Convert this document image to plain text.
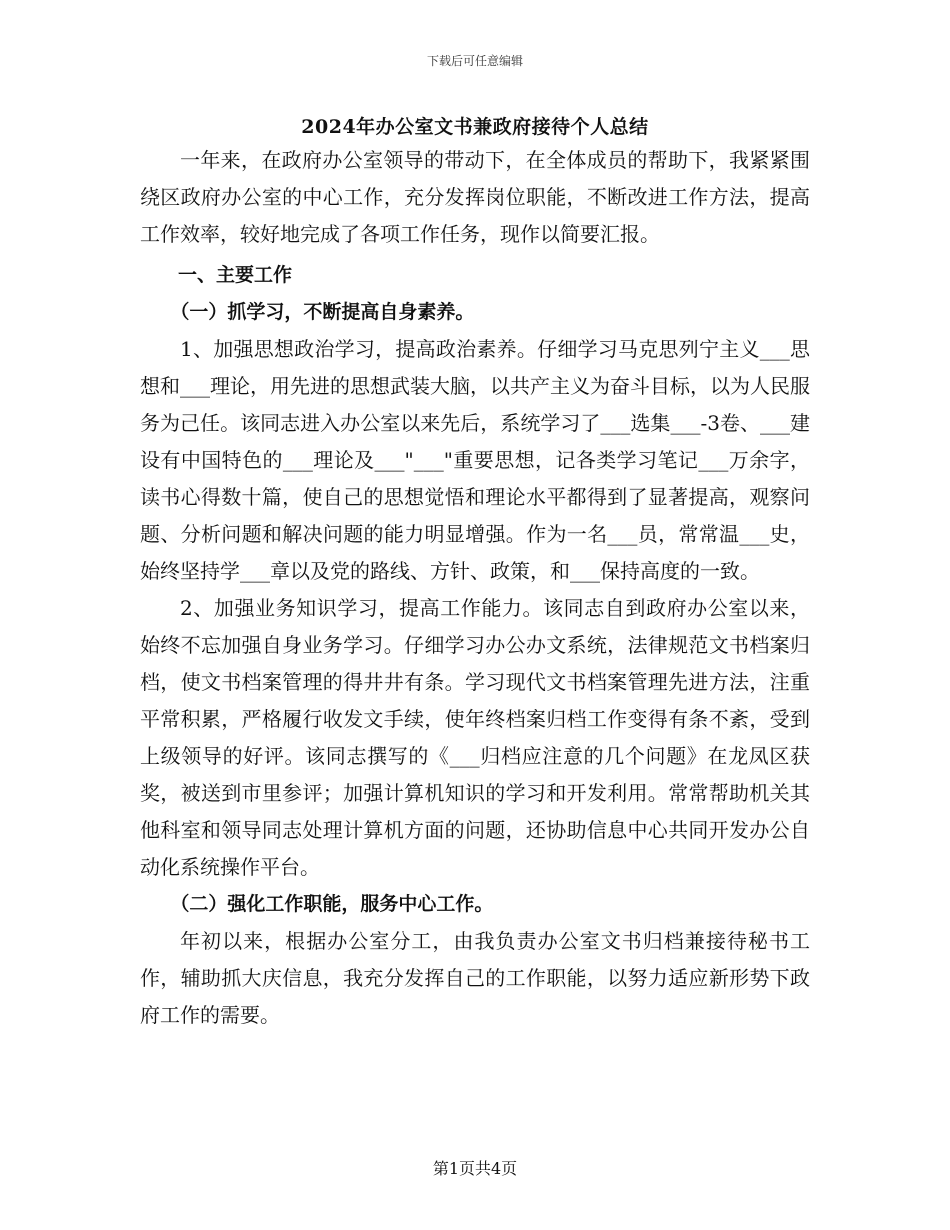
下载后可任意编辑
2024年办公室文书兼政府接待个人总结

一年来，在政府办公室领导的带动下，在全体成员的帮助下，我紧紧围绕区政府办公室的中心工作，充分发挥岗位职能，不断改进工作方法，提高工作效率，较好地完成了各项工作任务，现作以简要汇报。

一、主要工作
（一）抓学习，不断提高自身素养。

1、加强思想政治学习，提高政治素养。仔细学习马克思列宁主义___思想和___理论，用先进的思想武装大脑，以共产主义为奋斗目标，以为人民服务为己任。该同志进入办公室以来先后，系统学习了___选集___-3卷、___建设有中国特色的___理论及___"___"重要思想，记各类学习笔记___万余字，读书心得数十篇，使自己的思想觉悟和理论水平都得到了显著提高，观察问题、分析问题和解决问题的能力明显增强。作为一名___员，常常温___史，始终坚持学___章以及党的路线、方针、政策，和___保持高度的一致。

2、加强业务知识学习，提高工作能力。该同志自到政府办公室以来，始终不忘加强自身业务学习。仔细学习办公办文系统，法律规范文书档案归档，使文书档案管理的得井井有条。学习现代文书档案管理先进方法，注重平常积累，严格履行收发文手续，使年终档案归档工作变得有条不紊，受到上级领导的好评。该同志撰写的《___归档应注意的几个问题》在龙凤区获奖，被送到市里参评；加强计算机知识的学习和开发利用。常常帮助机关其他科室和领导同志处理计算机方面的问题，还协助信息中心共同开发办公自动化系统操作平台。

（二）强化工作职能，服务中心工作。

年初以来，根据办公室分工，由我负责办公室文书归档兼接待秘书工作，辅助抓大庆信息，我充分发挥自己的工作职能，以努力适应新形势下政府工作的需要。

第1页共4页
